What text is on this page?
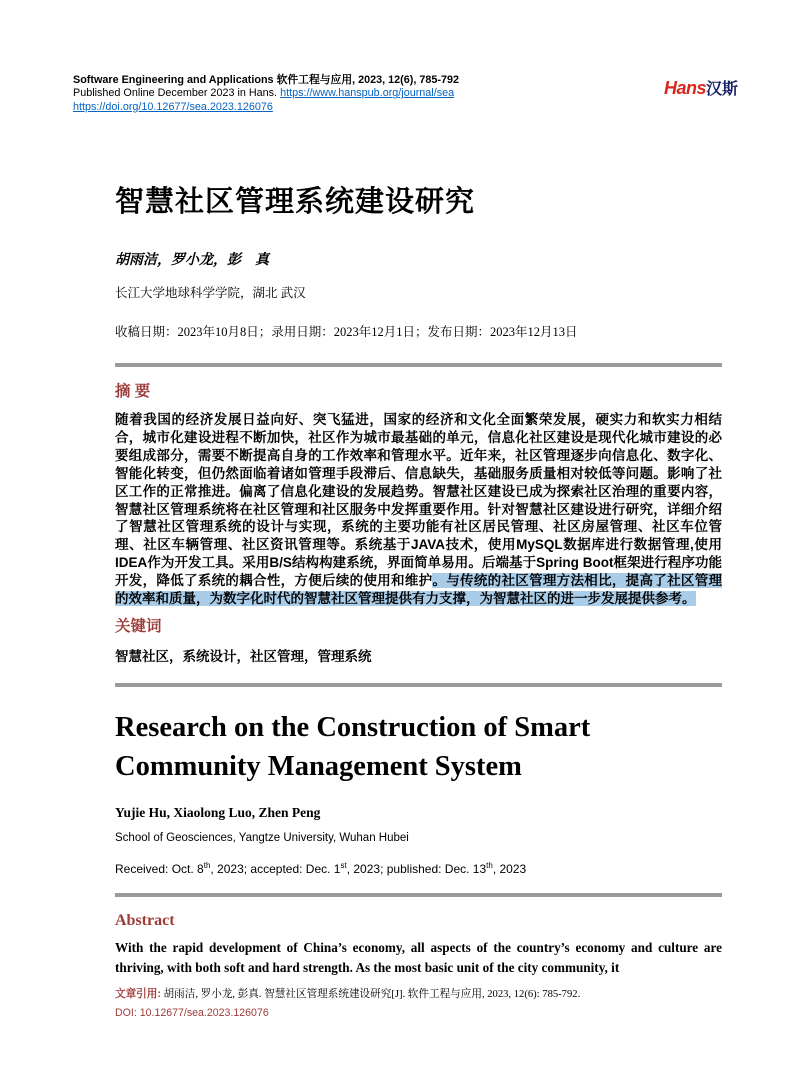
Software Engineering and Applications 软件工程与应用, 2023, 12(6), 785-792
Published Online December 2023 in Hans. https://www.hanspub.org/journal/sea
https://doi.org/10.12677/sea.2023.126076
Hans汉斯
智慧社区管理系统建设研究
胡雨洁，罗小龙，彭　真
长江大学地球科学学院，湖北 武汉
收稿日期：2023年10月8日；录用日期：2023年12月1日；发布日期：2023年12月13日
摘 要

随着我国的经济发展日益向好、突飞猛进，国家的经济和文化全面繁荣发展，硬实力和软实力相结合，城市化建设进程不断加快，社区作为城市最基础的单元，信息化社区建设是现代化城市建设的必要组成部分，需要不断提高自身的工作效率和管理水平。近年来，社区管理逐步向信息化、数字化、智能化转变，但仍然面临着诸如管理手段滞后、信息缺失，基础服务质量相对较低等问题。影响了社区工作的正常推进。偏离了信息化建设的发展趋势。智慧社区建设已成为探索社区治理的重要内容，智慧社区管理系统将在社区管理和社区服务中发挥重要作用。针对智慧社区建设进行研究，详细介绍了智慧社区管理系统的设计与实现，系统的主要功能有社区居民管理、社区房屋管理、社区车位管理、社区车辆管理、社区资讯管理等。系统基于JAVA技术，使用MySQL数据库进行数据管理,使用IDEA作为开发工具。采用B/S结构构建系统，界面简单易用。后端基于Spring Boot框架进行程序功能开发，降低了系统的耦合性，方便后续的使用和维护。与传统的社区管理方法相比，提高了社区管理的效率和质量，为数字化时代的智慧社区管理提供有力支撑，为智慧社区的进一步发展提供参考。

关键词
智慧社区，系统设计，社区管理，管理系统
Research on the Construction of Smart Community Management System
Yujie Hu, Xiaolong Luo, Zhen Peng
School of Geosciences, Yangtze University, Wuhan Hubei
Received: Oct. 8th, 2023; accepted: Dec. 1st, 2023; published: Dec. 13th, 2023
Abstract

With the rapid development of China’s economy, all aspects of the country’s economy and culture are thriving, with both soft and hard strength. As the most basic unit of the city community, it

文章引用: 胡雨洁, 罗小龙, 彭真. 智慧社区管理系统建设研究[J]. 软件工程与应用, 2023, 12(6): 785-792.
DOI: 10.12677/sea.2023.126076
